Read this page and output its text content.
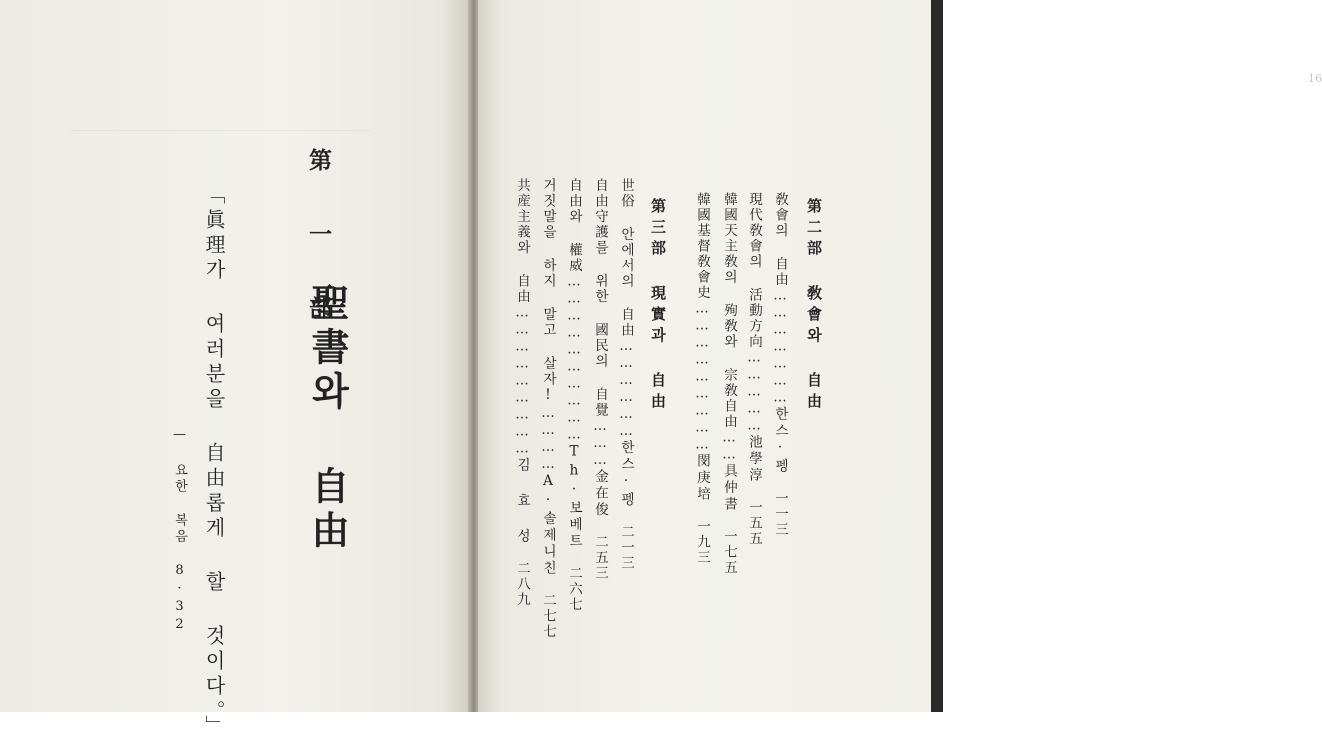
第 一 部
聖書와 自由
「眞理가 여러분을 自由롭게 할 것이다。」
— 요한 복음 8·32
16
第二部 敎會와 自由
敎會의 自由…………………한스·펭 一一三
現代敎會의 活動方向……………池學淳 一五五
韓國天主敎의 殉敎와 宗敎自由……具仲書 一七五
韓國基督敎會史………………………閔庚培 一九三
第三部 現實과 自由
世俗 안에서의 自由………………한스·펭 二一三
自由守護를 위한 國民의 自覺………金在俊 二五三
自由와 權威…………………………Th·보베트 二六七
거짓말을 하지 말고 살자!…………A·솔제니친 二七七
共産主義와 自由………………………김 효 성 二八九
